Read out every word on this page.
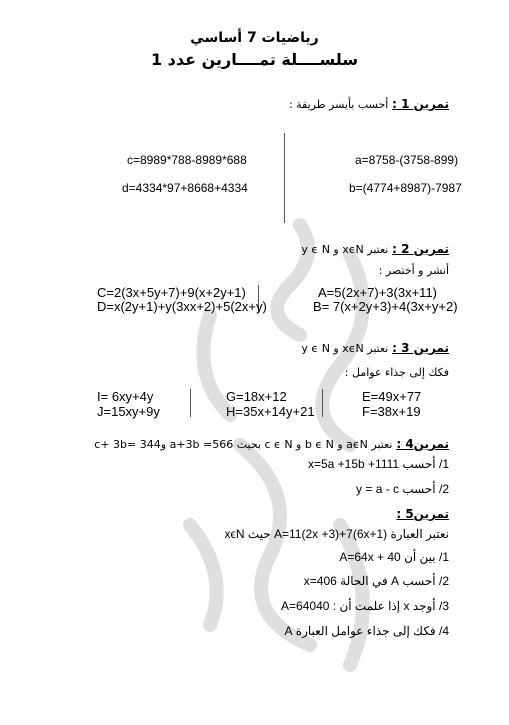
رياضيات 7 أساسي
سلســــلة تمــــارين عدد 1
تمرين 1 : أحسب بأيسر طريقة :
c=8989*788-8989*688	a=8758-(3758-899)
d=4334*97+8668+4334	b=(4774+8987)-7987
تمرين 2 : نعتبر xϵN و y ϵ N
أنشر و أختصر :
C=2(3x+5y+7)+9(x+2y+1)	A=5(2x+7)+3(3x+11)
D=x(2y+1)+y(3xx+2)+5(2x+y)	B= 7(x+2y+3)+4(3x+y+2)
تمرين 3 : نعتبر xϵN و y ϵ N
فكك إلى جذاء عوامل :
I= 6xy+4y	G=18x+12	E=49x+77
J=15xy+9y	H=35x+14y+21	F=38x+19
تمرين4 : نعتبر aϵN و b ϵ N و c ϵ N بحيث 566= a+3b و344 =c+ 3b
1/ أحسب x=5a +15b +1111
2/ أحسب y = a - c
تمرين5 :
نعتبر العبارة A=11(2x +3)+7(6x+1) حيث xϵN
1/ بين أن A=64x + 40
2/ أحسب A في الحالة x=406
3/ أوجد x إذا علمت أن : A=64040
4/ فكك إلى جذاء عوامل العبارة A
